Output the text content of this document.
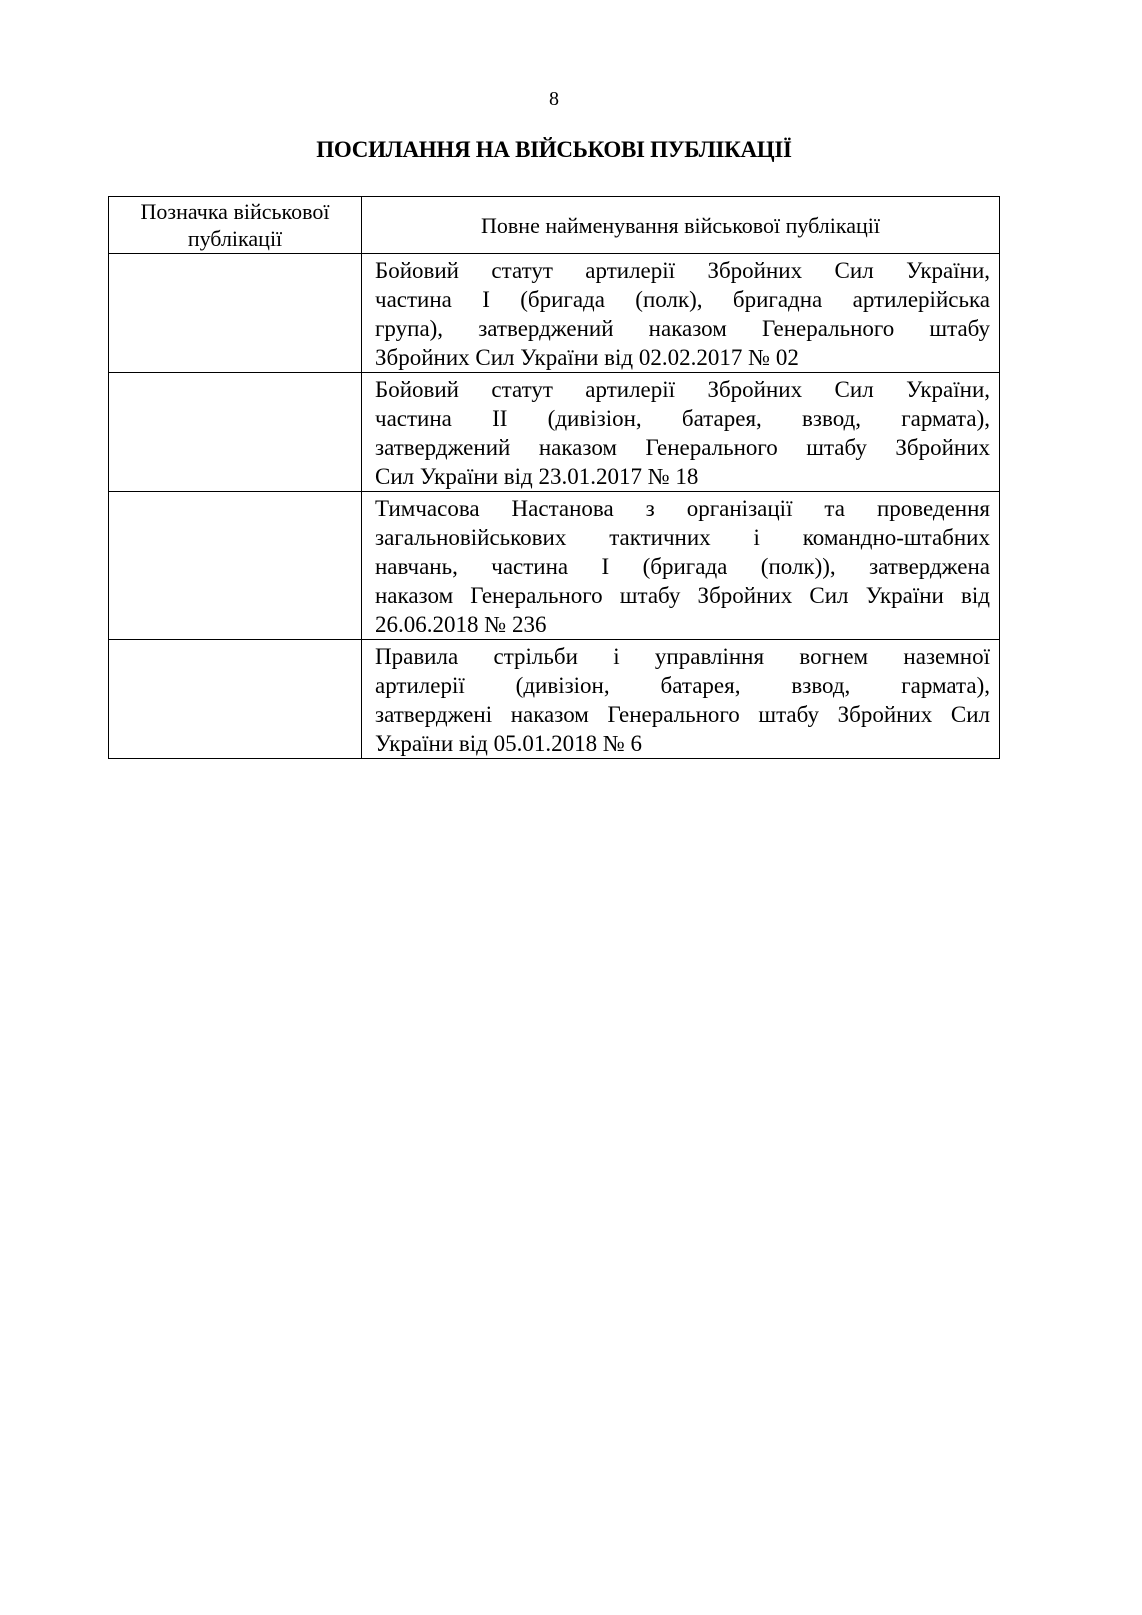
8
ПОСИЛАННЯ НА ВІЙСЬКОВІ ПУБЛІКАЦІЇ
Позначка військової публікації	Повне найменування військової публікації

	Бойовий статут артилерії Збройних Сил України,
частина І (бригада (полк), бригадна артилерійська
група), затверджений наказом Генерального штабу
Збройних Сил України від 02.02.2017 № 02

	Бойовий статут артилерії Збройних Сил України,
частина ІІ (дивізіон, батарея, взвод, гармата),
затверджений наказом Генерального штабу Збройних
Сил України від 23.01.2017 № 18

	Тимчасова Настанова з організації та проведення
загальновійськових тактичних і командно-штабних
навчань, частина І (бригада (полк)), затверджена
наказом Генерального штабу Збройних Сил України від
26.06.2018 № 236

	Правила стрільби і управління вогнем наземної
артилерії (дивізіон, батарея, взвод, гармата),
затверджені наказом Генерального штабу Збройних Сил
України від 05.01.2018 № 6
